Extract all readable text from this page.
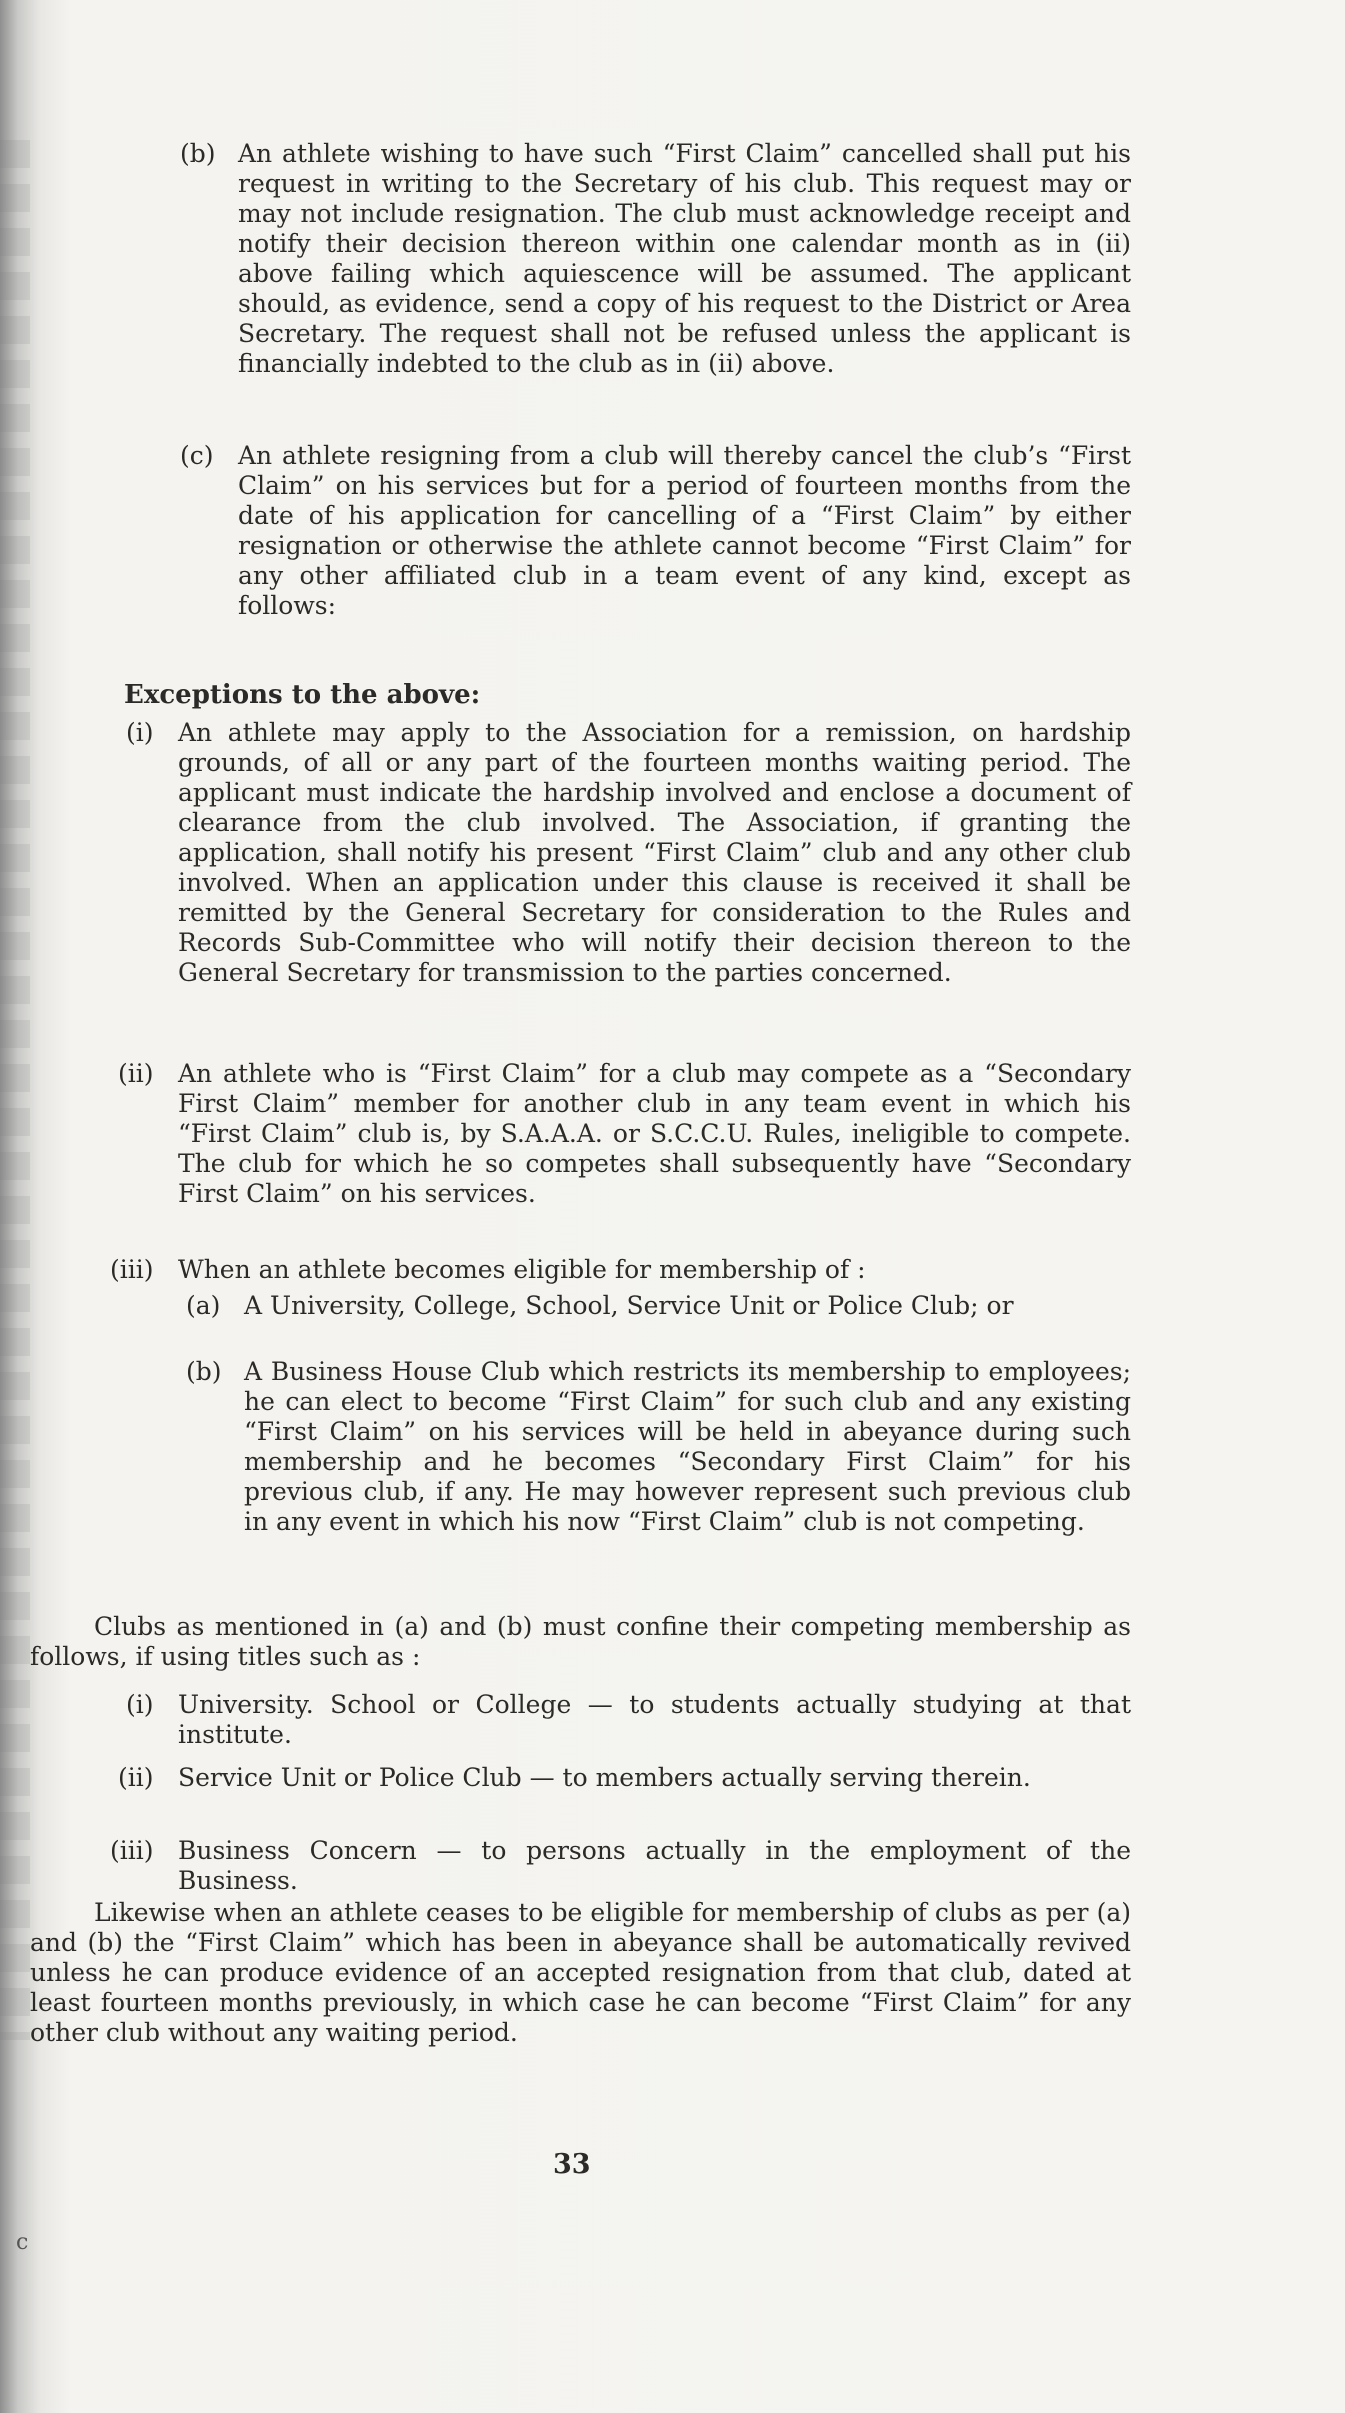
(b) An athlete wishing to have such “First Claim” cancelled shall put his request in writing to the Secretary of his club. This request may or may not include resignation. The club must acknowledge receipt and notify their decision thereon within one calendar month as in (ii) above failing which aquiescence will be assumed. The applicant should, as evidence, send a copy of his request to the District or Area Secretary. The request shall not be refused unless the applicant is financially indebted to the club as in (ii) above.
(c) An athlete resigning from a club will thereby cancel the club’s “First Claim” on his services but for a period of fourteen months from the date of his application for cancelling of a “First Claim” by either resignation or otherwise the athlete cannot become “First Claim” for any other affiliated club in a team event of any kind, except as follows:
Exceptions to the above:
(i) An athlete may apply to the Association for a remission, on hardship grounds, of all or any part of the fourteen months waiting period. The applicant must indicate the hardship involved and enclose a document of clearance from the club involved. The Association, if granting the application, shall notify his present “First Claim” club and any other club involved. When an application under this clause is received it shall be remitted by the General Secretary for consideration to the Rules and Records Sub-Committee who will notify their decision thereon to the General Secretary for transmission to the parties concerned.
(ii) An athlete who is “First Claim” for a club may compete as a “Secondary First Claim” member for another club in any team event in which his “First Claim” club is, by S.A.A.A. or S.C.C.U. Rules, ineligible to compete. The club for which he so competes shall subsequently have “Secondary First Claim” on his services.
(iii) When an athlete becomes eligible for membership of :
(a) A University, College, School, Service Unit or Police Club; or
(b) A Business House Club which restricts its membership to employees; he can elect to become “First Claim” for such club and any existing “First Claim” on his services will be held in abeyance during such membership and he becomes “Secondary First Claim” for his previous club, if any. He may however represent such previous club in any event in which his now “First Claim” club is not competing.
Clubs as mentioned in (a) and (b) must confine their competing membership as follows, if using titles such as :
(i) University. School or College — to students actually studying at that institute.
(ii) Service Unit or Police Club — to members actually serving therein.
(iii) Business Concern — to persons actually in the employment of the Business.
Likewise when an athlete ceases to be eligible for membership of clubs as per (a) and (b) the “First Claim” which has been in abeyance shall be automatically revived unless he can produce evidence of an accepted resignation from that club, dated at least fourteen months previously, in which case he can become “First Claim” for any other club without any waiting period.
33
c
